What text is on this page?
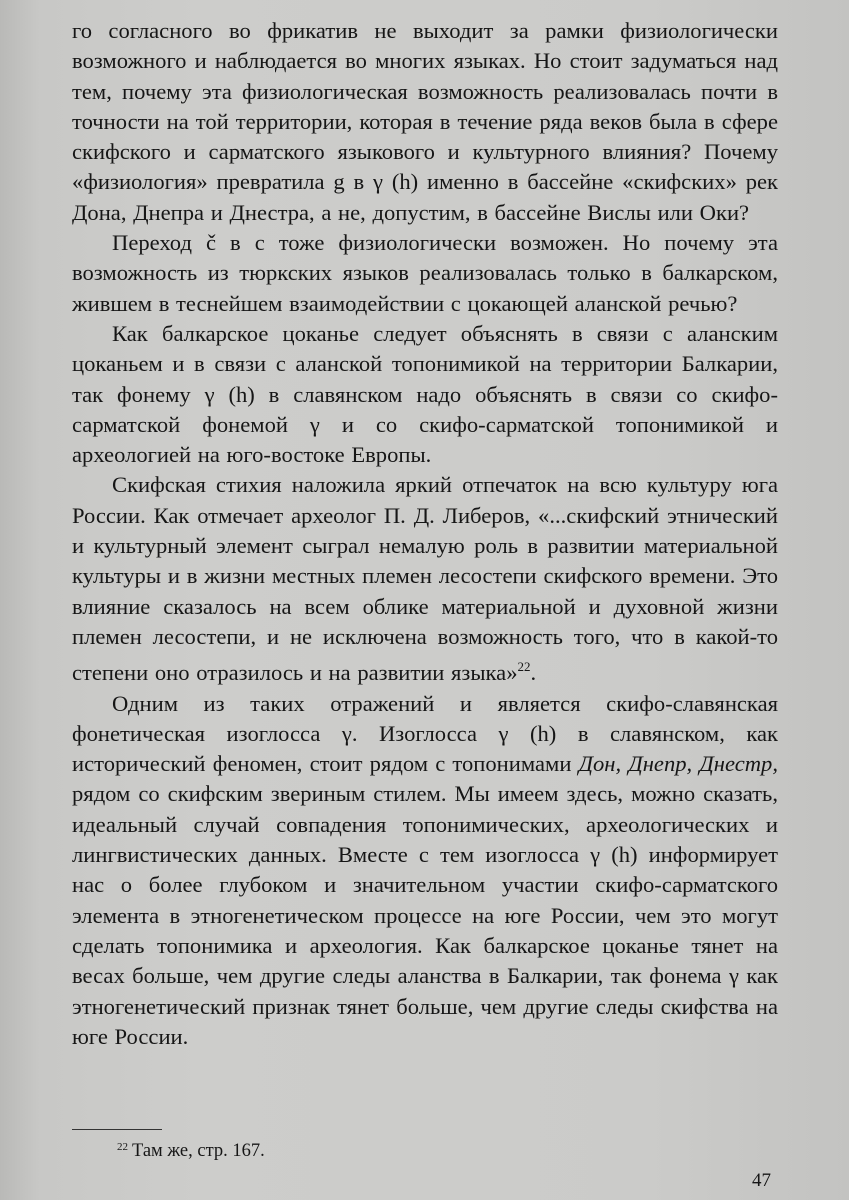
го согласного во фрикатив не выходит за рамки физиологически возможного и наблюдается во многих языках. Но стоит задуматься над тем, почему эта физиологическая возможность реализовалась почти в точности на той территории, которая в течение ряда веков была в сфере скифского и сарматского языкового и культурного влияния? Почему «физиология» превратила g в γ (h) именно в бассейне «скифских» рек Дона, Днепра и Днестра, а не, допустим, в бассейне Вислы или Оки?

Переход č в c тоже физиологически возможен. Но почему эта возможность из тюркских языков реализовалась только в балкарском, жившем в теснейшем взаимодействии с цокающей аланской речью?

Как балкарское цоканье следует объяснять в связи с аланским цоканьем и в связи с аланской топонимикой на территории Балкарии, так фонему γ (h) в славянском надо объяснять в связи со скифо-сарматской фонемой γ и со скифо-сарматской топонимикой и археологией на юго-востоке Европы.

Скифская стихия наложила яркий отпечаток на всю культуру юга России. Как отмечает археолог П. Д. Либеров, «...скифский этнический и культурный элемент сыграл немалую роль в развитии материальной культуры и в жизни местных племен лесостепи скифского времени. Это влияние сказалось на всем облике материальной и духовной жизни племен лесостепи, и не исключена возможность того, что в какой-то степени оно отразилось и на развитии языка»$^{22}$.

Одним из таких отражений и является скифо-славянская фонетическая изоглосса γ. Изоглосса γ (h) в славянском, как исторический феномен, стоит рядом с топонимами Дон, Днепр, Днестр, рядом со скифским звериным стилем. Мы имеем здесь, можно сказать, идеальный случай совпадения топонимических, археологических и лингвистических данных. Вместе с тем изоглосса γ (h) информирует нас о более глубоком и значительном участии скифо-сарматского элемента в этногенетическом процессе на юге России, чем это могут сделать топонимика и археология. Как балкарское цоканье тянет на весах больше, чем другие следы аланства в Балкарии, так фонема γ как этногенетический признак тянет больше, чем другие следы скифства на юге России.

$^{22}$ Там же, стр. 167.
47
